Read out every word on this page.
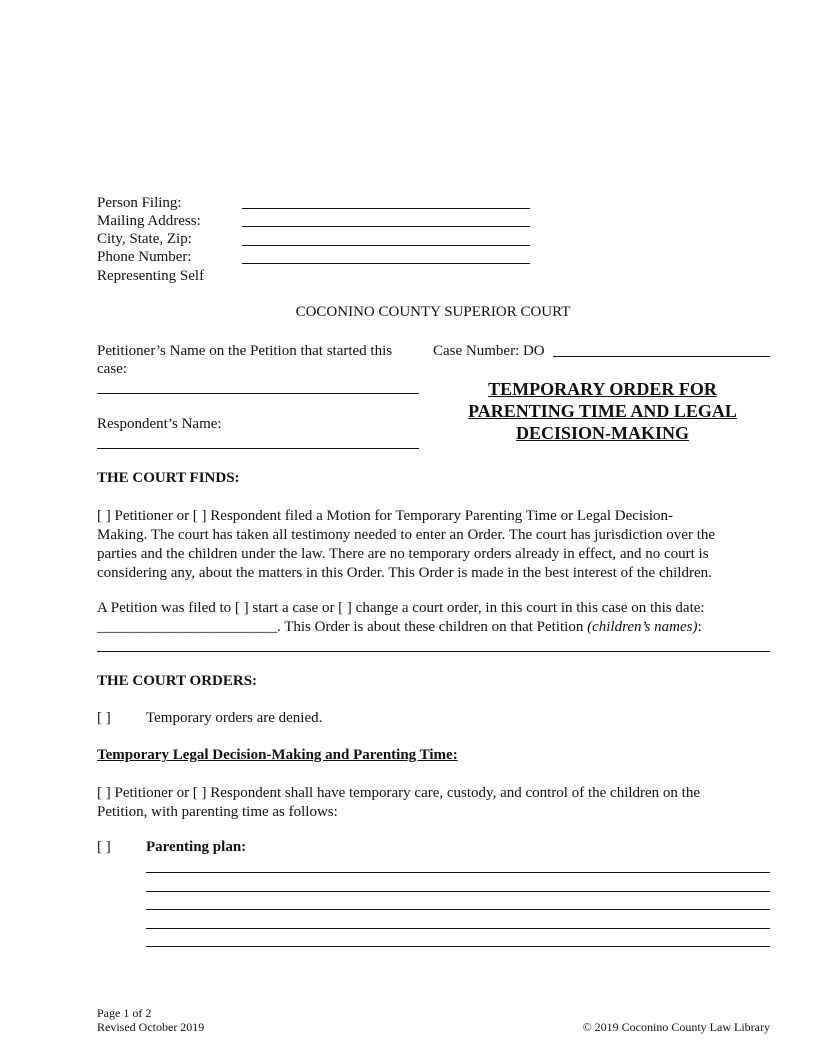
Person Filing:
Mailing Address:
City, State, Zip:
Phone Number:
Representing Self
COCONINO COUNTY SUPERIOR COURT
Petitioner’s Name on the Petition that started this
case:
Respondent’s Name:
Case Number: DO
TEMPORARY ORDER FOR
PARENTING TIME AND LEGAL
DECISION-MAKING
THE COURT FINDS:
[ ] Petitioner or [ ] Respondent filed a Motion for Temporary Parenting Time or Legal Decision-
Making. The court has taken all testimony needed to enter an Order. The court has jurisdiction over the
parties and the children under the law. There are no temporary orders already in effect, and no court is
considering any, about the matters in this Order. This Order is made in the best interest of the children.
A Petition was filed to [ ] start a case or [ ] change a court order, in this court in this case on this date:
________________________. This Order is about these children on that Petition (children’s names):
THE COURT ORDERS:
[ ] Temporary orders are denied.
Temporary Legal Decision-Making and Parenting Time:
[ ] Petitioner or [ ] Respondent shall have temporary care, custody, and control of the children on the
Petition, with parenting time as follows:
[ ] Parenting plan:
Page 1 of 2
Revised October 2019	© 2019 Coconino County Law Library
